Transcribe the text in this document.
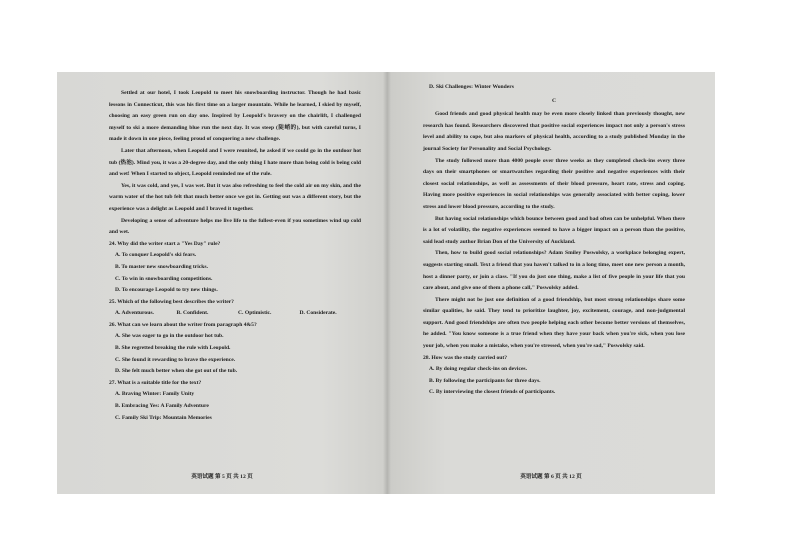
Settled at our hotel, I took Leopold to meet his snowboarding instructor. Though he had basic lessons in Connecticut, this was his first time on a larger mountain. While he learned, I skied by myself, choosing an easy green run on day one. Inspired by Leopold's bravery on the chairlift, I challenged myself to ski a more demanding blue run the next day. It was steep (陡峭的), but with careful turns, I made it down in one piece, feeling proud of conquering a new challenge.

Later that afternoon, when Leopold and I were reunited, he asked if we could go in the outdoor hot tub (热池). Mind you, it was a 20-degree day, and the only thing I hate more than being cold is being cold and wet! When I started to object, Leopold reminded me of the rule.

Yes, it was cold, and yes, I was wet. But it was also refreshing to feel the cold air on my skin, and the warm water of the hot tub felt that much better once we got in. Getting out was a different story, but the experience was a delight as Leopold and I braved it together.

Developing a sense of adventure helps me live life to the fullest-even if you sometimes wind up cold and wet.

24. Why did the writer start a "Yes Day" rule?

A. To conquer Leopold's ski fears.

B. To master new snowboarding tricks.

C. To win in snowboarding competitions.

D. To encourage Leopold to try new things.

25. Which of the following best describes the writer?

A. Adventurous.	B. Confident.	C. Optimistic.	D. Considerate.

26. What can we learn about the writer from paragraph 4&5?

A. She was eager to go in the outdoor hot tub.

B. She regretted breaking the rule with Leopold.

C. She found it rewarding to brave the experience.

D. She felt much better when she got out of the tub.

27. What is a suitable title for the text?

A. Braving Winter: Family Unity

B. Embracing Yes: A Family Adventure

C. Family Ski Trip: Mountain Memories

英语试题 第 5 页 共 12 页

D. Ski Challenges: Winter Wonders

C

Good friends and good physical health may be even more closely linked than previously thought, new research has found. Researchers discovered that positive social experiences impact not only a person's stress level and ability to cope, but also markers of physical health, according to a study published Monday in the journal Society for Personality and Social Psychology.

The study followed more than 4000 people over three weeks as they completed check-ins every three days on their smartphones or smartwatches regarding their positive and negative experiences with their closest social relationships, as well as assessments of their blood pressure, heart rate, stress and coping. Having more positive experiences in social relationships was generally associated with better coping, lower stress and lower blood pressure, according to the study.

But having social relationships which bounce between good and bad often can be unhelpful. When there is a lot of volatility, the negative experiences seemed to have a bigger impact on a person than the positive, said lead study author Brian Don of the University of Auckland.

Then, how to build good social relationships? Adam Smiley Poswolsky, a workplace belonging expert, suggests starting small. Text a friend that you haven't talked to in a long time, meet one new person a month, host a dinner party, or join a class. "If you do just one thing, make a list of five people in your life that you care about, and give one of them a phone call," Poswolsky added.

There might not be just one definition of a good friendship, but most strong relationships share some similar qualities, he said. They tend to prioritize laughter, joy, excitement, courage, and non-judgmental support. And good friendships are often two people helping each other become better versions of themselves, he added. "You know someone is a true friend when they have your back when you're sick, when you lose your job, when you make a mistake, when you're stressed, when you're sad," Poswolsky said.

28. How was the study carried out?

A. By doing regular check-ins on devices.

B. By following the participants for three days.

C. By interviewing the closest friends of participants.

英语试题 第 6 页 共 12 页
